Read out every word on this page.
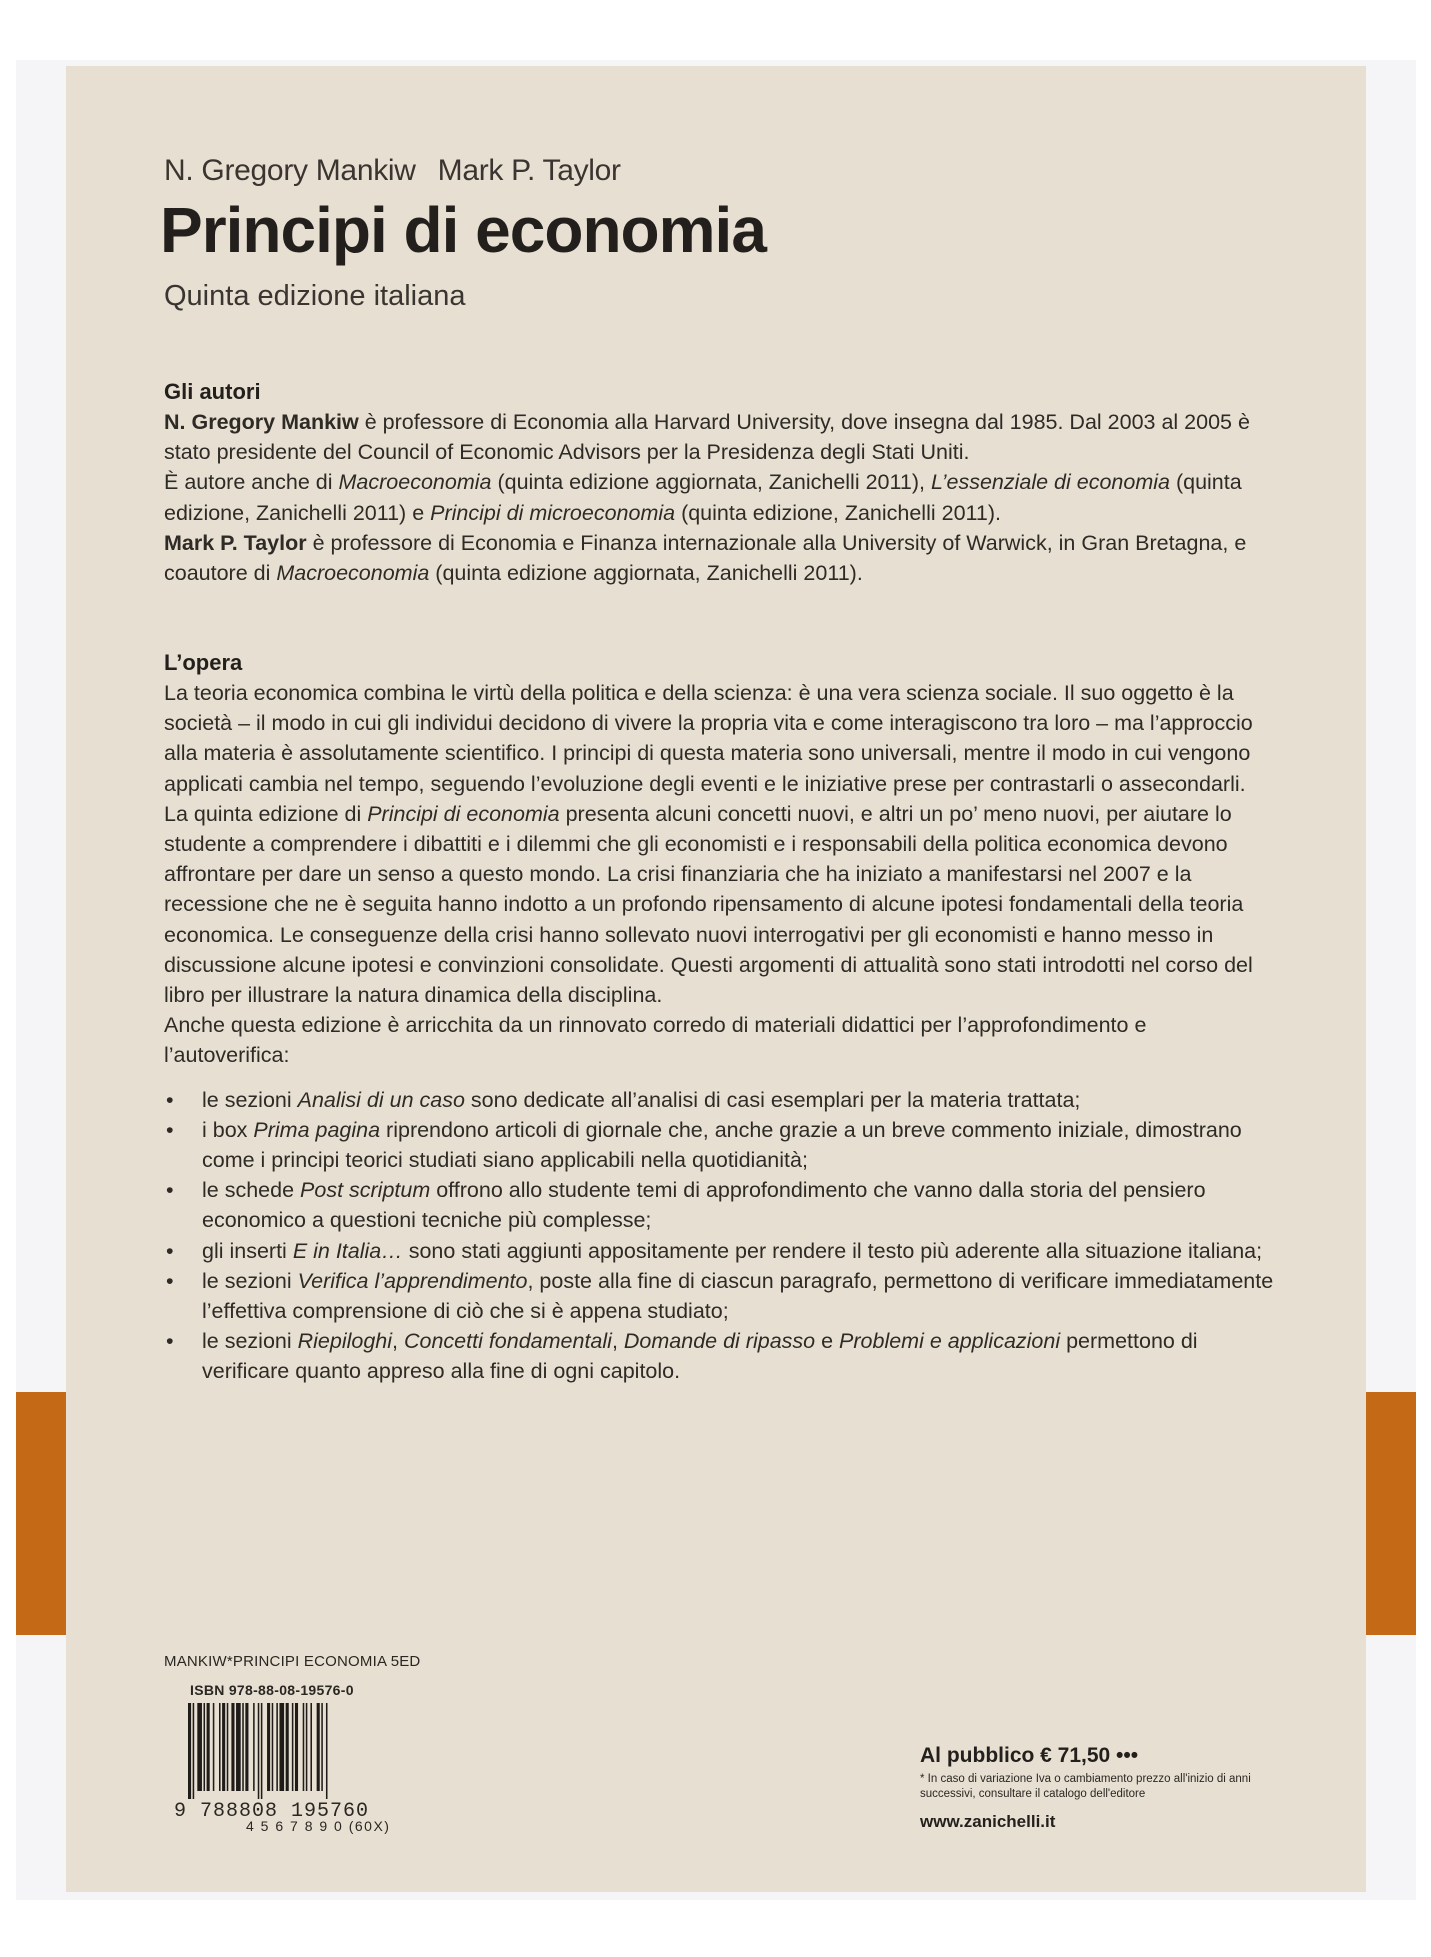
N. Gregory Mankiw Mark P. Taylor
Principi di economia
Quinta edizione italiana
Gli autori

N. Gregory Mankiw è professore di Economia alla Harvard University, dove insegna dal 1985. Dal 2003 al 2005 è stato presidente del Council of Economic Advisors per la Presidenza degli Stati Uniti.
È autore anche di Macroeconomia (quinta edizione aggiornata, Zanichelli 2011), L’essenziale di economia (quinta edizione, Zanichelli 2011) e Principi di microeconomia (quinta edizione, Zanichelli 2011).

Mark P. Taylor è professore di Economia e Finanza internazionale alla University of Warwick, in Gran Bretagna, e coautore di Macroeconomia (quinta edizione aggiornata, Zanichelli 2011).

L’opera

La teoria economica combina le virtù della politica e della scienza: è una vera scienza sociale. Il suo oggetto è la società – il modo in cui gli individui decidono di vivere la propria vita e come interagiscono tra loro – ma l’approccio alla materia è assolutamente scientifico. I principi di questa materia sono universali, mentre il modo in cui vengono applicati cambia nel tempo, seguendo l’evoluzione degli eventi e le iniziative prese per contrastarli o assecondarli.

La quinta edizione di Principi di economia presenta alcuni concetti nuovi, e altri un po’ meno nuovi, per aiutare lo studente a comprendere i dibattiti e i dilemmi che gli economisti e i responsabili della politica economica devono affrontare per dare un senso a questo mondo. La crisi finanziaria che ha iniziato a manifestarsi nel 2007 e la recessione che ne è seguita hanno indotto a un profondo ripensamento di alcune ipotesi fondamentali della teoria economica. Le conseguenze della crisi hanno sollevato nuovi interrogativi per gli economisti e hanno messo in discussione alcune ipotesi e convinzioni consolidate. Questi argomenti di attualità sono stati introdotti nel corso del libro per illustrare la natura dinamica della disciplina.

Anche questa edizione è arricchita da un rinnovato corredo di materiali didattici per l’approfondimento e l’autoverifica:

• le sezioni Analisi di un caso sono dedicate all’analisi di casi esemplari per la materia trattata;
• i box Prima pagina riprendono articoli di giornale che, anche grazie a un breve commento iniziale, dimostrano come i principi teorici studiati siano applicabili nella quotidianità;
• le schede Post scriptum offrono allo studente temi di approfondimento che vanno dalla storia del pensiero economico a questioni tecniche più complesse;
• gli inserti E in Italia… sono stati aggiunti appositamente per rendere il testo più aderente alla situazione italiana;
• le sezioni Verifica l’apprendimento, poste alla fine di ciascun paragrafo, permettono di verificare immediatamente l’effettiva comprensione di ciò che si è appena studiato;
• le sezioni Riepiloghi, Concetti fondamentali, Domande di ripasso e Problemi e applicazioni permettono di verificare quanto appreso alla fine di ogni capitolo.
MANKIW*PRINCIPI ECONOMIA 5ED
ISBN 978-88-08-19576-0
9 788808 195760
4 5 6 7 8 9 0 (60X)
Al pubblico € 71,50 •••
* In caso di variazione Iva o cambiamento prezzo all'inizio di anni successivi, consultare il catalogo dell'editore
www.zanichelli.it
